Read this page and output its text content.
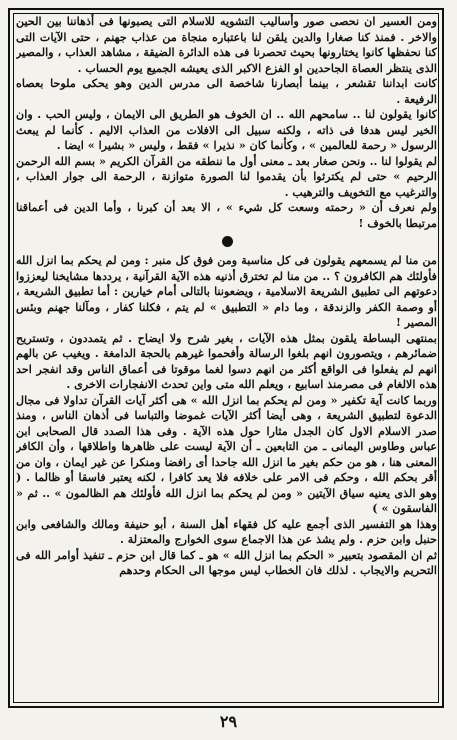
ومن العسير ان نحصى صور وأساليب التشويه للاسلام التى يصبونها فى أذهاننا بين الحين والاخر . فمنذ كنا صغارا والدين يلقن لنا باعتباره منجاة من عذاب جهنم ، حتى الآيات التى كنا نحفظها كانوا يختارونها بحيث تحصرنا فى هذه الدائرة الضيقة ، مشاهد العذاب ، والمصير الذى ينتظر العصاة الجاحدين او الفزع الاكبر الذى يعيشه الجميع يوم الحساب .

كانت ابداننا تقشعر ، بينما أبصارنا شاخصة الى مدرس الدين وهو يحكى ملوحا بعصاه الرفيعة .

كانوا يقولون لنا .. سامحهم الله .. ان الخوف هو الطريق الى الايمان ، وليس الحب . وان الخير ليس هدفا فى ذاته ، ولكنه سبيل الى الافلات من العذاب الاليم . كأنما لم يبعث الرسول « رحمة للعالمين » ، وكأنما كان « نذيرا » فقط ، وليس « بشيرا » ايضا .

لم يقولوا لنا .. ونحن صغار بعد ـ معنى أول ما ننطقه من القرآن الكريم « بسم الله الرحمن الرحيم » حتى لم يكترثوا بأن يقدموا لنا الصورة متوازنة ، الرحمة الى جوار العذاب ، والترغيب مع التخويف والترهيب .

ولم نعرف أن « رحمته وسعت كل شيء » ، الا بعد أن كبرنا ، وأما الدين فى أعماقنا مرتبطا بالخوف !

من منا لم يسمعهم يقولون فى كل مناسبة ومن فوق كل منبر : ومن لم يحكم بما انزل الله فأولئك هم الكافرون ؟ .. من منا لم تخترق أذنيه هذه الآية القرآنية ، يرددها مشايخنا ليعززوا دعوتهم الى تطبيق الشريعة الاسلامية ، ويضعوننا بالتالى أمام خيارين : أما تطبيق الشريعة ، أو وصمة الكفر والزندقة ، وما دام « التطبيق » لم يتم ، فكلنا كفار ، ومآلنا جهنم وبئس المصير !

بمنتهى البساطة يلقون بمثل هذه الآيات ، بغير شرح ولا ايضاح . ثم يتمددون ، وتستريح ضمائرهم ، ويتصورون انهم بلغوا الرسالة وأفحموا غيرهم بالحجة الدامغة . ويغيب عن بالهم انهم لم يفعلوا فى الواقع أكثر من انهم دسوا لغما موقوتا فى أعماق الناس وقد انفجر احد هذه الالغام فى مصرمنذ اسابيع ، ويعلم الله متى واين تحدث الانفجارات الاخرى .

وربما كانت آية تكفير « ومن لم يحكم بما انزل الله » هى أكثر آيات القرآن تداولا فى مجال الدعوة لتطبيق الشريعة ، وهى أيضا أكثر الآيات غموضا والتباسا فى أذهان الناس ، ومنذ صدر الاسلام الاول كان الجدل مثارا حول هذه الآية . وفى هذا الصدد قال الصحابى ابن عباس وطاوس اليمانى ـ من التابعين ـ أن الآية ليست على ظاهرها واطلاقها ، وأن الكافر المعنى هنا ، هو من حكم بغير ما انزل الله جاحدا أى رافضا ومنكرا عن غير ايمان ، وان من أقر بحكم الله ، وحكم فى الامر على خلافه فلا يعد كافرا ، لكنه يعتبر فاسقا أو ظالما . ( وهو الذى يعنيه سياق الآيتين « ومن لم يحكم بما انزل الله فأولئك هم الظالمون » .. ثم « الفاسقون » )

وهذا هو التفسير الذى أجمع عليه كل فقهاء أهل السنة ، أبو حنيفة ومالك والشافعى وابن حنبل وابن حزم . ولم يشذ عن هذا الاجماع سوى الخوارج والمعتزلة .

ثم ان المقصود بتعبير « الحكم بما انزل الله » هو ـ كما قال ابن حزم ـ تنفيذ أوامر الله فى التحريم والايجاب . لذلك فان الخطاب ليس موجها الى الحكام وحدهم

٢٩
